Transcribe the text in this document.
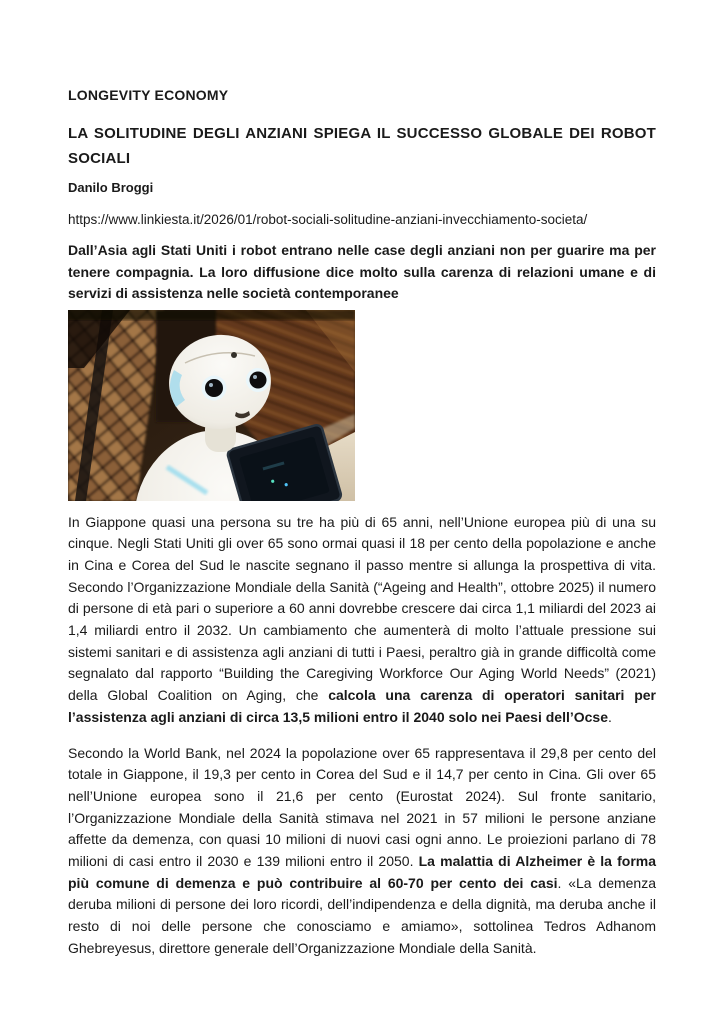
LONGEVITY ECONOMY

LA SOLITUDINE DEGLI ANZIANI SPIEGA IL SUCCESSO GLOBALE DEI ROBOT SOCIALI

Danilo Broggi

https://www.linkiesta.it/2026/01/robot-sociali-solitudine-anziani-invecchiamento-societa/

Dall’Asia agli Stati Uniti i robot entrano nelle case degli anziani non per guarire ma per tenere compagnia. La loro diffusione dice molto sulla carenza di relazioni umane e di servizi di assistenza nelle società contemporanee

In Giappone quasi una persona su tre ha più di 65 anni, nell’Unione europea più di una su cinque. Negli Stati Uniti gli over 65 sono ormai quasi il 18 per cento della popolazione e anche in Cina e Corea del Sud le nascite segnano il passo mentre si allunga la prospettiva di vita. Secondo l’Organizzazione Mondiale della Sanità (“Ageing and Health”, ottobre 2025) il numero di persone di età pari o superiore a 60 anni dovrebbe crescere dai circa 1,1 miliardi del 2023 ai 1,4 miliardi entro il 2032. Un cambiamento che aumenterà di molto l’attuale pressione sui sistemi sanitari e di assistenza agli anziani di tutti i Paesi, peraltro già in grande difficoltà come segnalato dal rapporto “Building the Caregiving Workforce Our Aging World Needs” (2021) della Global Coalition on Aging, che calcola una carenza di operatori sanitari per l’assistenza agli anziani di circa 13,5 milioni entro il 2040 solo nei Paesi dell’Ocse.

Secondo la World Bank, nel 2024 la popolazione over 65 rappresentava il 29,8 per cento del totale in Giappone, il 19,3 per cento in Corea del Sud e il 14,7 per cento in Cina. Gli over 65 nell’Unione europea sono il 21,6 per cento (Eurostat 2024). Sul fronte sanitario, l’Organizzazione Mondiale della Sanità stimava nel 2021 in 57 milioni le persone anziane affette da demenza, con quasi 10 milioni di nuovi casi ogni anno. Le proiezioni parlano di 78 milioni di casi entro il 2030 e 139 milioni entro il 2050. La malattia di Alzheimer è la forma più comune di demenza e può contribuire al 60-70 per cento dei casi. «La demenza deruba milioni di persone dei loro ricordi, dell’indipendenza e della dignità, ma deruba anche il resto di noi delle persone che conosciamo e amiamo», sottolinea Tedros Adhanom Ghebreyesus, direttore generale dell’Organizzazione Mondiale della Sanità.
